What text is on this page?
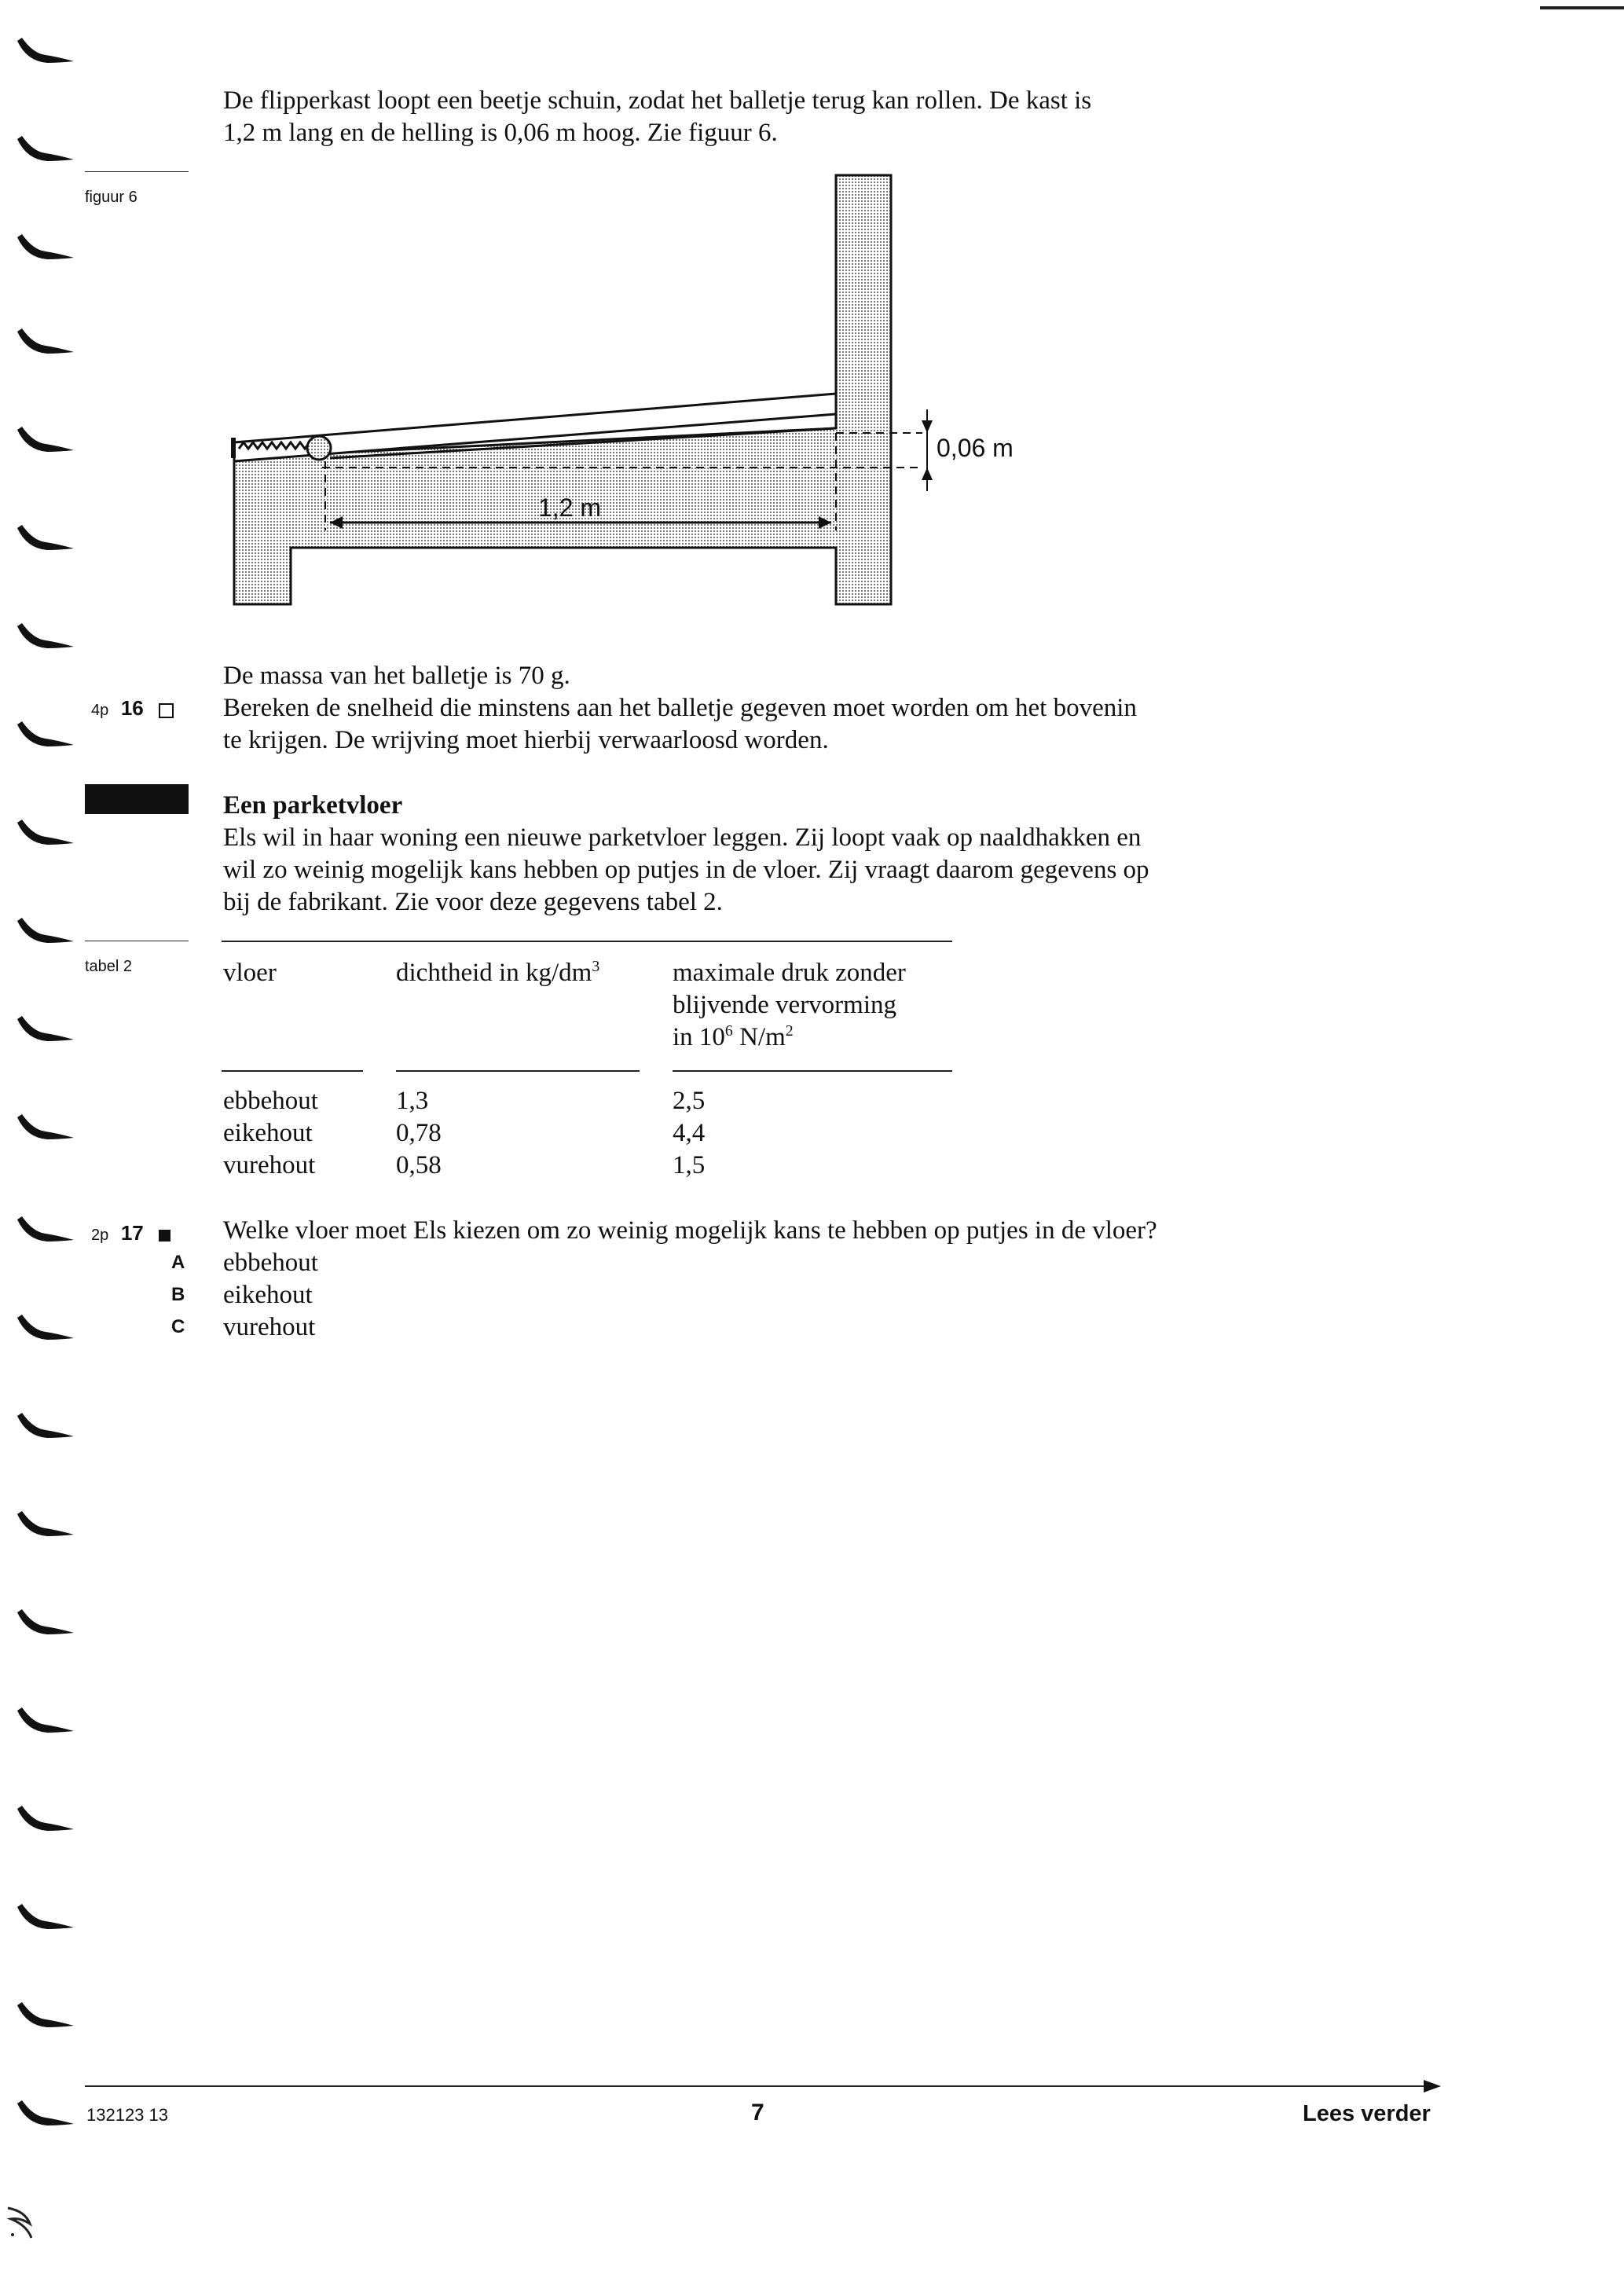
De flipperkast loopt een beetje schuin, zodat het balletje terug kan rollen. De kast is
1,2 m lang en de helling is 0,06 m hoog. Zie figuur 6.
figuur 6
1,2 m
0,06 m
De massa van het balletje is 70 g.
4p 16	Bereken de snelheid die minstens aan het balletje gegeven moet worden om het bovenin
te krijgen. De wrijving moet hierbij verwaarloosd worden.
Een parketvloer
Els wil in haar woning een nieuwe parketvloer leggen. Zij loopt vaak op naaldhakken en
wil zo weinig mogelijk kans hebben op putjes in de vloer. Zij vraagt daarom gegevens op
bij de fabrikant. Zie voor deze gegevens tabel 2.
tabel 2	vloer	dichtheid in $kg/dm^3$	maximale druk zonder
blijvende vervorming
in $10^6$ $N/m^2$
ebbehout	1,3	2,5
eikehout	0,78	4,4
vurehout	0,58	1,5
2p 17	Welke vloer moet Els kiezen om zo weinig mogelijk kans te hebben op putjes in de vloer?
A ebbehout
B eikehout
C vurehout
132123 13	7	Lees verder
